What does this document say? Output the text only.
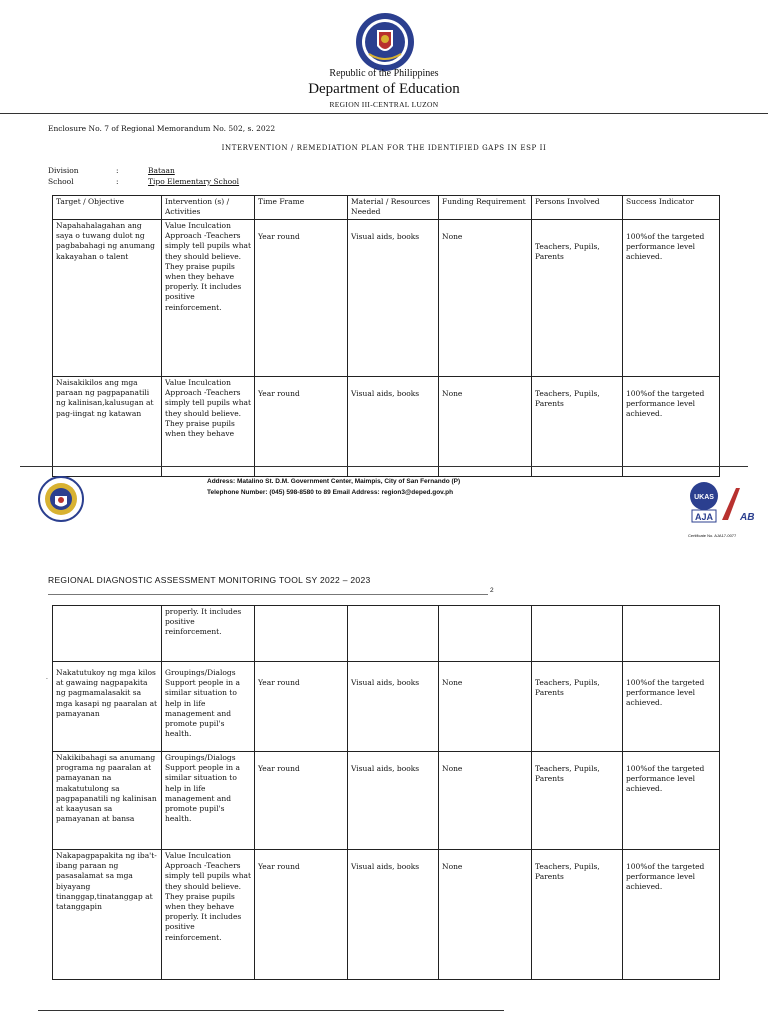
Republic of the Philippines
Department of Education
REGION III-CENTRAL LUZON
Enclosure No. 7 of Regional Memorandum No. 502, s. 2022
INTERVENTION / REMEDIATION PLAN FOR THE IDENTIFIED GAPS IN ESP II
Division	:	Bataan
School	:	Tipo Elementary School
Target / Objective	Intervention (s) / Activities	Time Frame	Material / Resources Needed	Funding Requirement	Persons Involved	Success Indicator
Napahahalagahan ang saya o tuwang dulot ng pagbabahagi ng anumang kakayahan o talent	Value Inculcation Approach -Teachers simply tell pupils what they should believe. They praise pupils when they behave properly. It includes positive reinforcement.	Year round	Visual aids, books	None	Teachers, Pupils, Parents	100%of the targeted performance level achieved.
Naisakikilos ang mga paraan ng pagpapanatili ng kalinisan,kalusugan at pag-iingat ng katawan	Value Inculcation Approach -Teachers simply tell pupils what they should believe. They praise pupils when they behave	Year round	Visual aids, books	None	Teachers, Pupils, Parents	100%of the targeted performance level achieved.
Address: Matalino St. D.M. Government Center, Maimpis, City of San Fernando (P)
Telephone Number: (045) 598-8580 to 89 Email Address: region3@deped.gov.ph
UKAS
AJA	AB
Certificate No. AJA17-0077
REGIONAL DIAGNOSTIC ASSESSMENT MONITORING TOOL SY 2022 – 2023
2
·
	properly. It includes positive reinforcement.					
Nakatutukoy ng mga kilos at gawaing nagpapakita ng pagmamalasakit sa mga kasapi ng paaralan at pamayanan	Groupings/Dialogs Support people in a similar situation to help in life management and promote pupil's health.	Year round	Visual aids, books	None	Teachers, Pupils, Parents	100%of the targeted performance level achieved.
Nakikibahagi sa anumang programa ng paaralan at pamayanan na makatutulong sa pagpapanatili ng kalinisan at kaayusan sa pamayanan at bansa	Groupings/Dialogs Support people in a similar situation to help in life management and promote pupil's health.	Year round	Visual aids, books	None	Teachers, Pupils, Parents	100%of the targeted performance level achieved.
Nakapagpapakita ng iba't-ibang paraan ng pasasalamat sa mga biyayang tinanggap,tinatanggap at tatanggapin	Value Inculcation Approach -Teachers simply tell pupils what they should believe. They praise pupils when they behave properly. It includes positive reinforcement.	Year round	Visual aids, books	None	Teachers, Pupils, Parents	100%of the targeted performance level achieved.
